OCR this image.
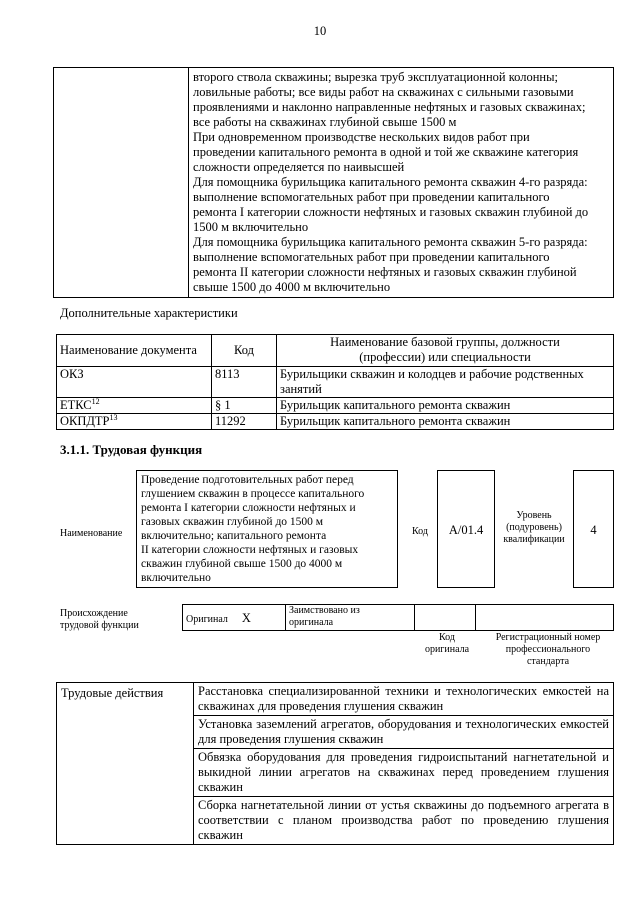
10

второго ствола скважины; вырезка труб эксплуатационной колонны;
ловильные работы; все виды работ на скважинах с сильными газовыми
проявлениями и наклонно направленные нефтяных и газовых скважинах;
все работы на скважинах глубиной свыше 1500 м
При одновременном производстве нескольких видов работ при
проведении капитального ремонта в одной и той же скважине категория
сложности определяется по наивысшей
Для помощника бурильщика капитального ремонта скважин 4-го разряда:
выполнение вспомогательных работ при проведении капитального
ремонта I категории сложности нефтяных и газовых скважин глубиной до
1500 м включительно
Для помощника бурильщика капитального ремонта скважин 5-го разряда:
выполнение вспомогательных работ при проведении капитального
ремонта II категории сложности нефтяных и газовых скважин глубиной
свыше 1500 до 4000 м включительно
Дополнительные характеристики
Наименование документа	Код	Наименование базовой группы, должности
(профессии) или специальности

ОКЗ	8113	Бурильщики скважин и колодцев и рабочие родственных занятий
ЕТКС$^{12}$	§ 1	Бурильщик капитального ремонта скважин
ОКПДТР$^{13}$	11292	Бурильщик капитального ремонта скважин
3.1.1. Трудовая функция
Наименование
Проведение подготовительных работ перед
глушением скважин в процессе капитального
ремонта I категории сложности нефтяных и
газовых скважин глубиной до 1500 м
включительно; капитального ремонта
II категории сложности нефтяных и газовых
скважин глубиной свыше 1500 до 4000 м
включительно
Код	А/01.4
Уровень
(подуровень)
квалификации
4
Происхождение
трудовой функции
Оригинал X	Заимствовано из
оригинала

Код
оригинала
Регистрационный номер
профессионального
стандарта
Трудовые действия	Расстановка специализированной техники и технологических емкостей на скважинах для проведения глушения скважин
Установка заземлений агрегатов, оборудования и технологических емкостей для проведения глушения скважин
Обвязка оборудования для проведения гидроиспытаний нагнетательной и выкидной линии агрегатов на скважинах перед проведением глушения скважин
Сборка нагнетательной линии от устья скважины до подъемного агрегата в соответствии с планом производства работ по проведению глушения скважин
